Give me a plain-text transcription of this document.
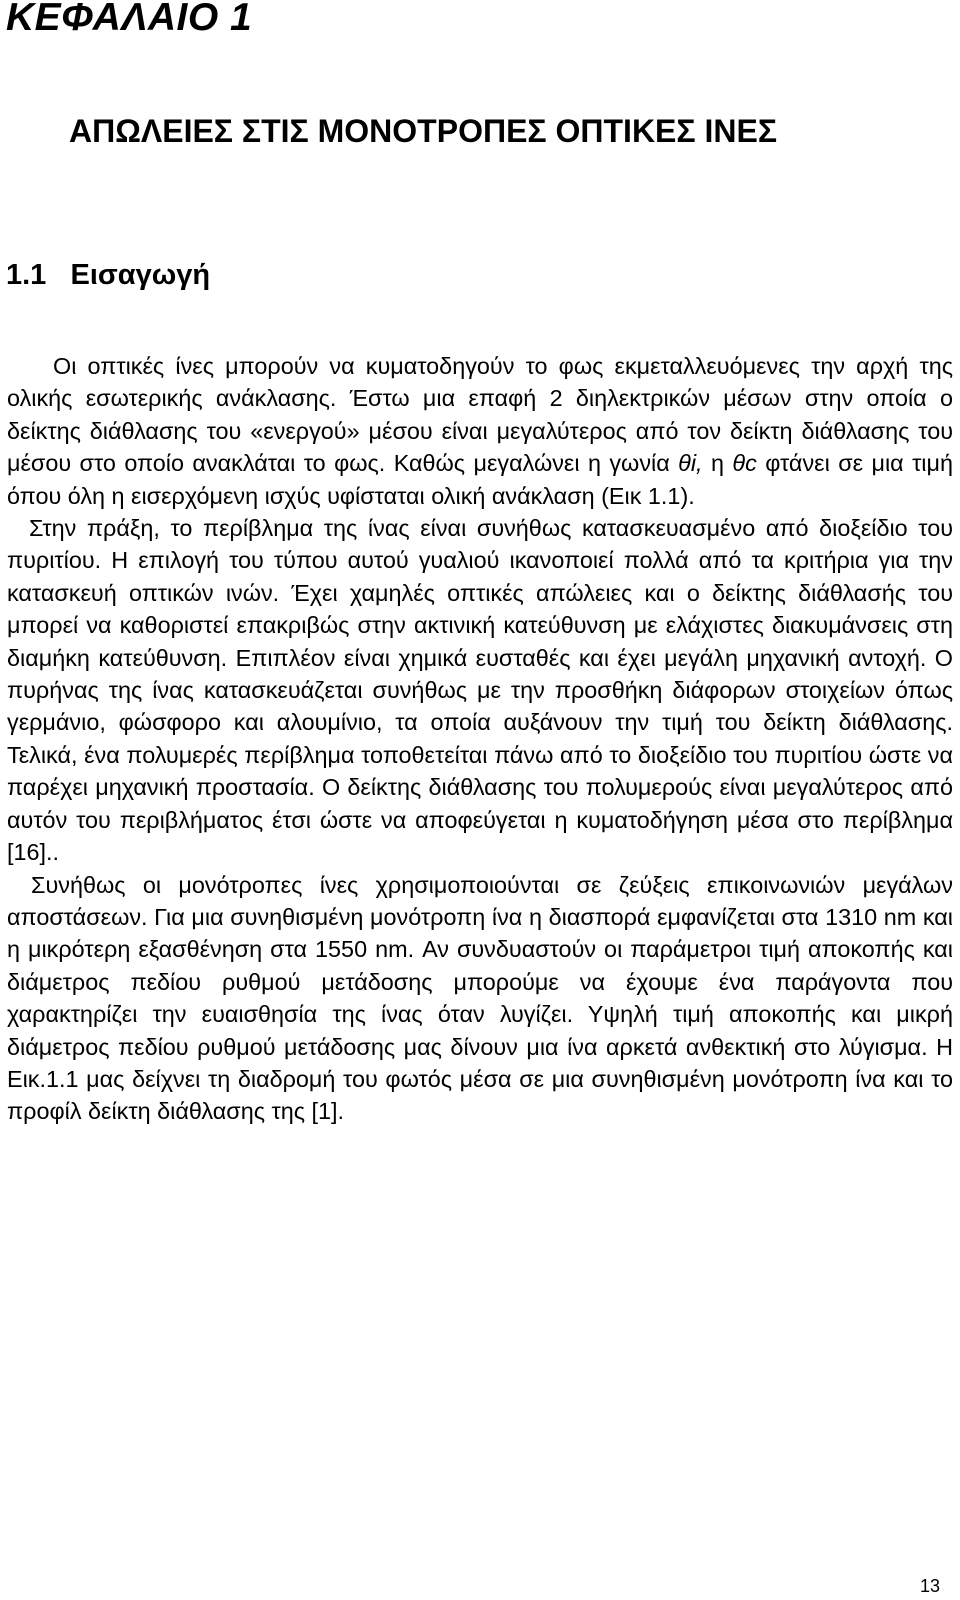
ΚΕΦΑΛΑΙΟ 1
ΑΠΩΛΕΙΕΣ ΣΤΙΣ ΜΟΝΟΤΡΟΠΕΣ ΟΠΤΙΚΕΣ ΙΝΕΣ
1.1 Εισαγωγή

Οι οπτικές ίνες μπορούν να κυματοδηγούν το φως εκμεταλλευόμενες την αρχή της ολικής εσωτερικής ανάκλασης. Έστω μια επαφή 2 διηλεκτρικών μέσων στην οποία ο δείκτης διάθλασης του «ενεργού» μέσου είναι μεγαλύτερος από τον δείκτη διάθλασης του μέσου στο οποίο ανακλάται το φως. Καθώς μεγαλώνει η γωνία θi, η θc φτάνει σε μια τιμή όπου όλη η εισερχόμενη ισχύς υφίσταται ολική ανάκλαση (Εικ 1.1).

Στην πράξη, το περίβλημα της ίνας είναι συνήθως κατασκευασμένο από διοξείδιο του πυριτίου. Η επιλογή του τύπου αυτού γυαλιού ικανοποιεί πολλά από τα κριτήρια για την κατασκευή οπτικών ινών. Έχει χαμηλές οπτικές απώλειες και ο δείκτης διάθλασής του μπορεί να καθοριστεί επακριβώς στην ακτινική κατεύθυνση με ελάχιστες διακυμάνσεις στη διαμήκη κατεύθυνση. Επιπλέον είναι χημικά ευσταθές και έχει μεγάλη μηχανική αντοχή. Ο πυρήνας της ίνας κατασκευάζεται συνήθως με την προσθήκη διάφορων στοιχείων όπως γερμάνιο, φώσφορο και αλουμίνιο, τα οποία αυξάνουν την τιμή του δείκτη διάθλασης. Τελικά, ένα πολυμερές περίβλημα τοποθετείται πάνω από το διοξείδιο του πυριτίου ώστε να παρέχει μηχανική προστασία. Ο δείκτης διάθλασης του πολυμερούς είναι μεγαλύτερος από αυτόν του περιβλήματος έτσι ώστε να αποφεύγεται η κυματοδήγηση μέσα στο περίβλημα [16]..

Συνήθως οι μονότροπες ίνες χρησιμοποιούνται σε ζεύξεις επικοινωνιών μεγάλων αποστάσεων. Για μια συνηθισμένη μονότροπη ίνα η διασπορά εμφανίζεται στα 1310 nm και η μικρότερη εξασθένηση στα 1550 nm. Αν συνδυαστούν οι παράμετροι τιμή αποκοπής και διάμετρος πεδίου ρυθμού μετάδοσης μπορούμε να έχουμε ένα παράγοντα που χαρακτηρίζει την ευαισθησία της ίνας όταν λυγίζει. Υψηλή τιμή αποκοπής και μικρή διάμετρος πεδίου ρυθμού μετάδοσης μας δίνουν μια ίνα αρκετά ανθεκτική στο λύγισμα. Η Εικ.1.1 μας δείχνει τη διαδρομή του φωτός μέσα σε μια συνηθισμένη μονότροπη ίνα και το προφίλ δείκτη διάθλασης της [1].

13
